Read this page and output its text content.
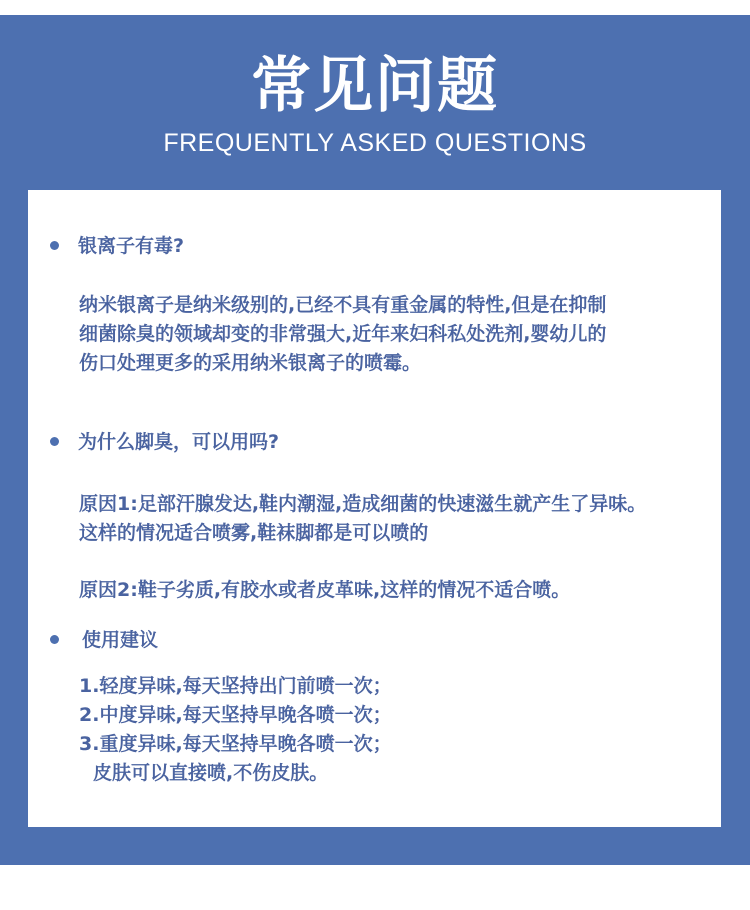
常见问题
FREQUENTLY ASKED QUESTIONS
银离子有毒?
纳米银离子是纳米级别的,已经不具有重金属的特性,但是在抑制
细菌除臭的领域却变的非常强大,近年来妇科私处洗剂,婴幼儿的
伤口处理更多的采用纳米银离子的喷霉。
为什么脚臭，可以用吗?
原因1:足部汗腺发达,鞋内潮湿,造成细菌的快速滋生就产生了异味。
这样的情况适合喷雾,鞋袜脚都是可以喷的
原因2:鞋子劣质,有胶水或者皮革味,这样的情况不适合喷。
使用建议
1.轻度异味,每天坚持出门前喷一次；
2.中度异味,每天坚持早晚各喷一次；
3.重度异味,每天坚持早晚各喷一次；
皮肤可以直接喷,不伤皮肤。
